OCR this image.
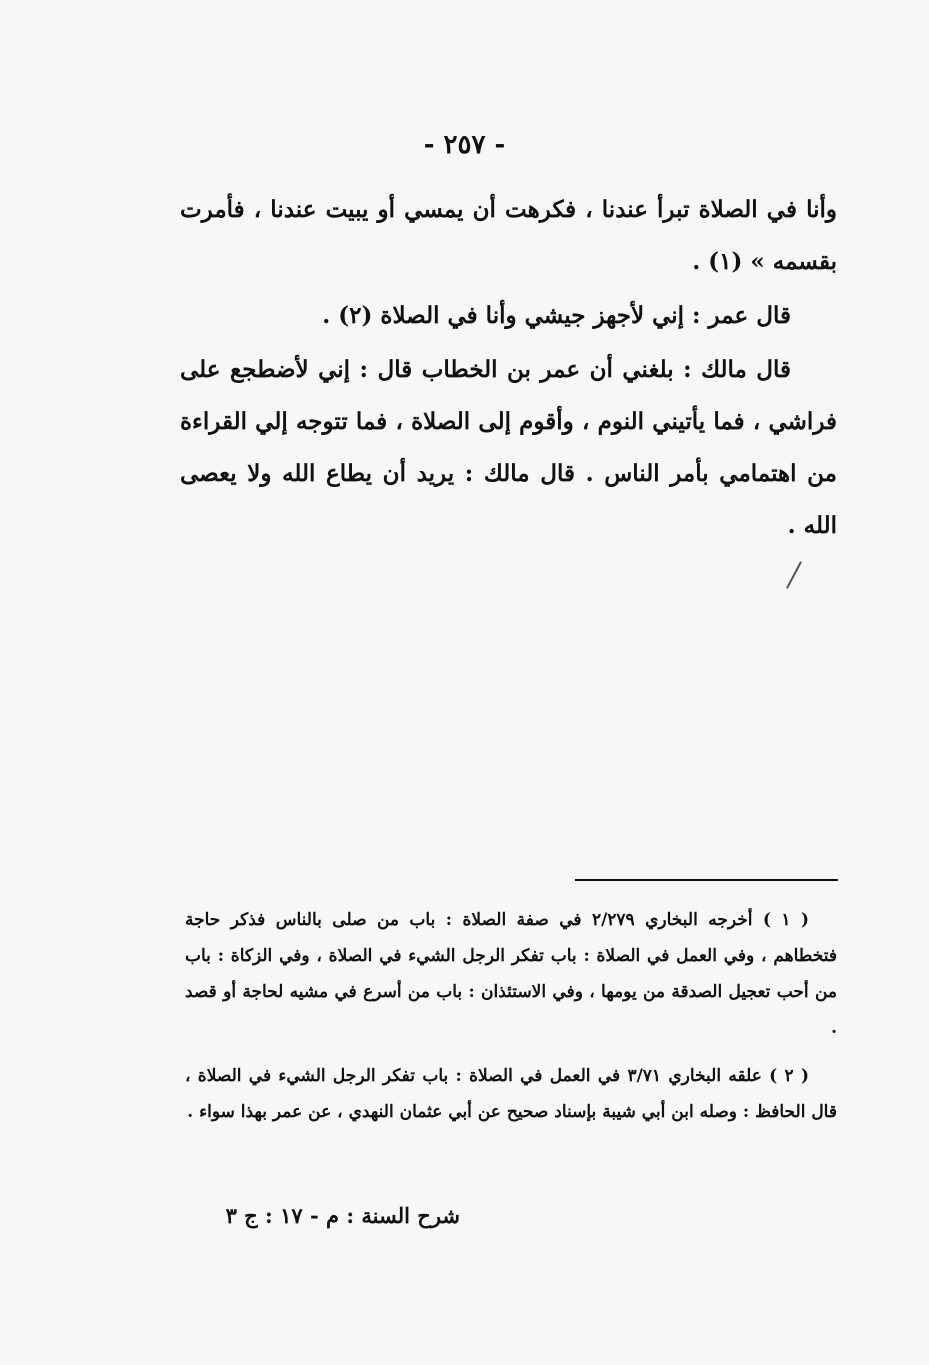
- ٢٥٧ -

وأنا في الصلاة تبرأ عندنا ، فكرهت أن يمسي أو يبيت عندنا ، فأمرت بقسمه » (١) .

قال عمر : إني لأجهز جيشي وأنا في الصلاة (٢) .

قال مالك : بلغني أن عمر بن الخطاب قال : إني لأضطجع على فراشي ، فما يأتيني النوم ، وأقوم إلى الصلاة ، فما تتوجه إلي القراءة من اهتمامي بأمر الناس . قال مالك : يريد أن يطاع الله ولا يعصى الله .

( ١ ) أخرجه البخاري ٢/٢٧٩ في صفة الصلاة : باب من صلى بالناس فذكر حاجة فتخطاهم ، وفي العمل في الصلاة : باب تفكر الرجل الشيء في الصلاة ، وفي الزكاة : باب من أحب تعجيل الصدقة من يومها ، وفي الاستئذان : باب من أسرع في مشيه لحاجة أو قصد .

( ٢ ) علقه البخاري ٣/٧١ في العمل في الصلاة : باب تفكر الرجل الشيء في الصلاة ، قال الحافظ : وصله ابن أبي شيبة بإسناد صحيح عن أبي عثمان النهدي ، عن عمر بهذا سواء .

شرح السنة : م - ١٧ : ج ٣
